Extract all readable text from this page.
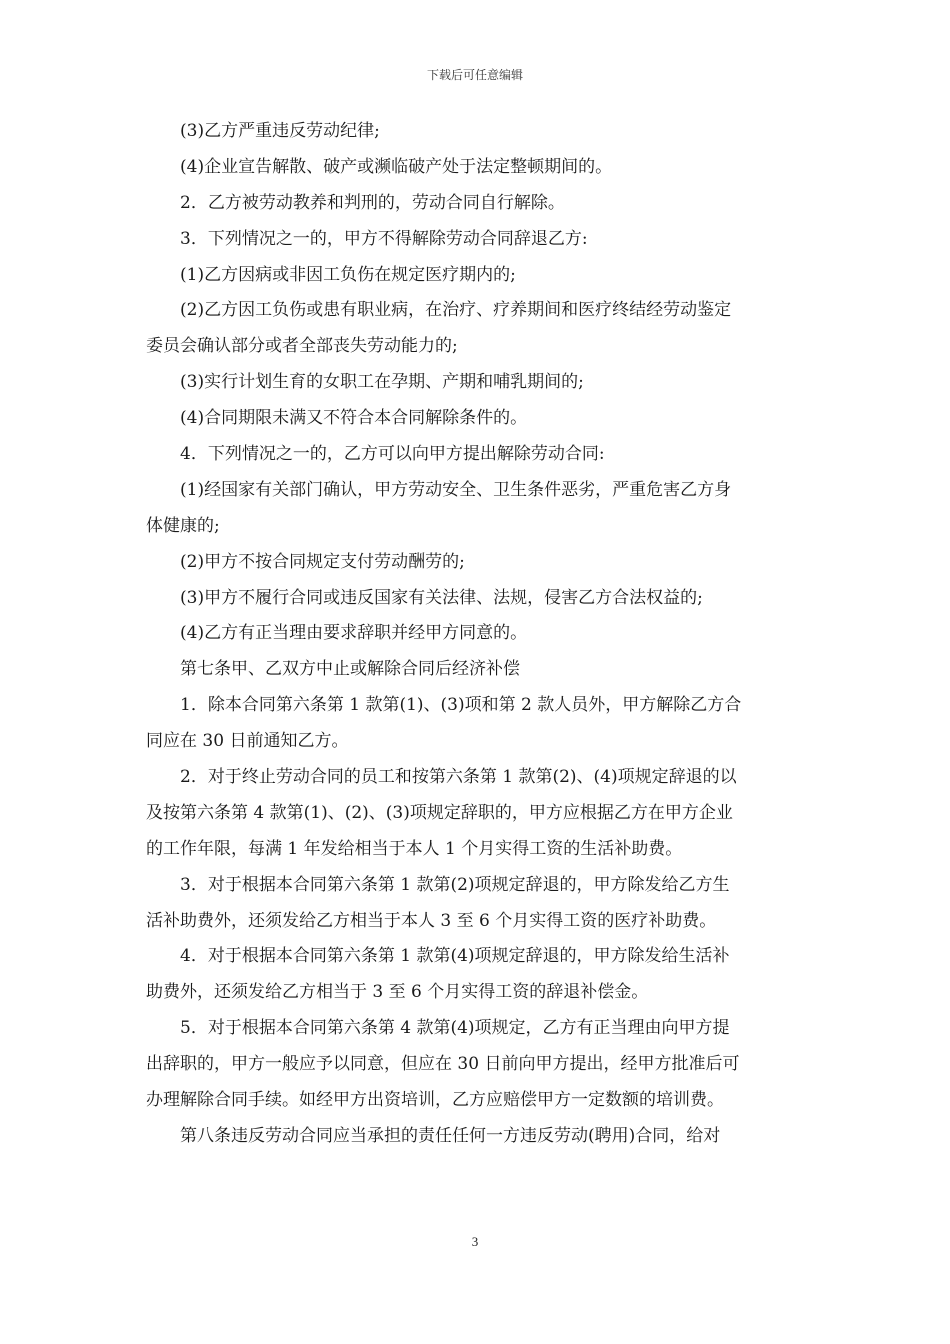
下载后可任意编辑
(3)乙方严重违反劳动纪律;
(4)企业宣告解散、破产或濒临破产处于法定整顿期间的。
2．乙方被劳动教养和判刑的，劳动合同自行解除。
3．下列情况之一的，甲方不得解除劳动合同辞退乙方:
(1)乙方因病或非因工负伤在规定医疗期内的;
(2)乙方因工负伤或患有职业病，在治疗、疗养期间和医疗终结经劳动鉴定
委员会确认部分或者全部丧失劳动能力的;
(3)实行计划生育的女职工在孕期、产期和哺乳期间的;
(4)合同期限未满又不符合本合同解除条件的。
4．下列情况之一的，乙方可以向甲方提出解除劳动合同:
(1)经国家有关部门确认，甲方劳动安全、卫生条件恶劣，严重危害乙方身
体健康的;
(2)甲方不按合同规定支付劳动酬劳的;
(3)甲方不履行合同或违反国家有关法律、法规，侵害乙方合法权益的;
(4)乙方有正当理由要求辞职并经甲方同意的。
第七条甲、乙双方中止或解除合同后经济补偿
1．除本合同第六条第 1 款第(1)、(3)项和第 2 款人员外，甲方解除乙方合
同应在 30 日前通知乙方。
2．对于终止劳动合同的员工和按第六条第 1 款第(2)、(4)项规定辞退的以
及按第六条第 4 款第(1)、(2)、(3)项规定辞职的，甲方应根据乙方在甲方企业
的工作年限，每满 1 年发给相当于本人 1 个月实得工资的生活补助费。
3．对于根据本合同第六条第 1 款第(2)项规定辞退的，甲方除发给乙方生
活补助费外，还须发给乙方相当于本人 3 至 6 个月实得工资的医疗补助费。
4．对于根据本合同第六条第 1 款第(4)项规定辞退的，甲方除发给生活补
助费外，还须发给乙方相当于 3 至 6 个月实得工资的辞退补偿金。
5．对于根据本合同第六条第 4 款第(4)项规定，乙方有正当理由向甲方提
出辞职的，甲方一般应予以同意，但应在 30 日前向甲方提出，经甲方批准后可
办理解除合同手续。如经甲方出资培训，乙方应赔偿甲方一定数额的培训费。
第八条违反劳动合同应当承担的责任任何一方违反劳动(聘用)合同，给对
3
